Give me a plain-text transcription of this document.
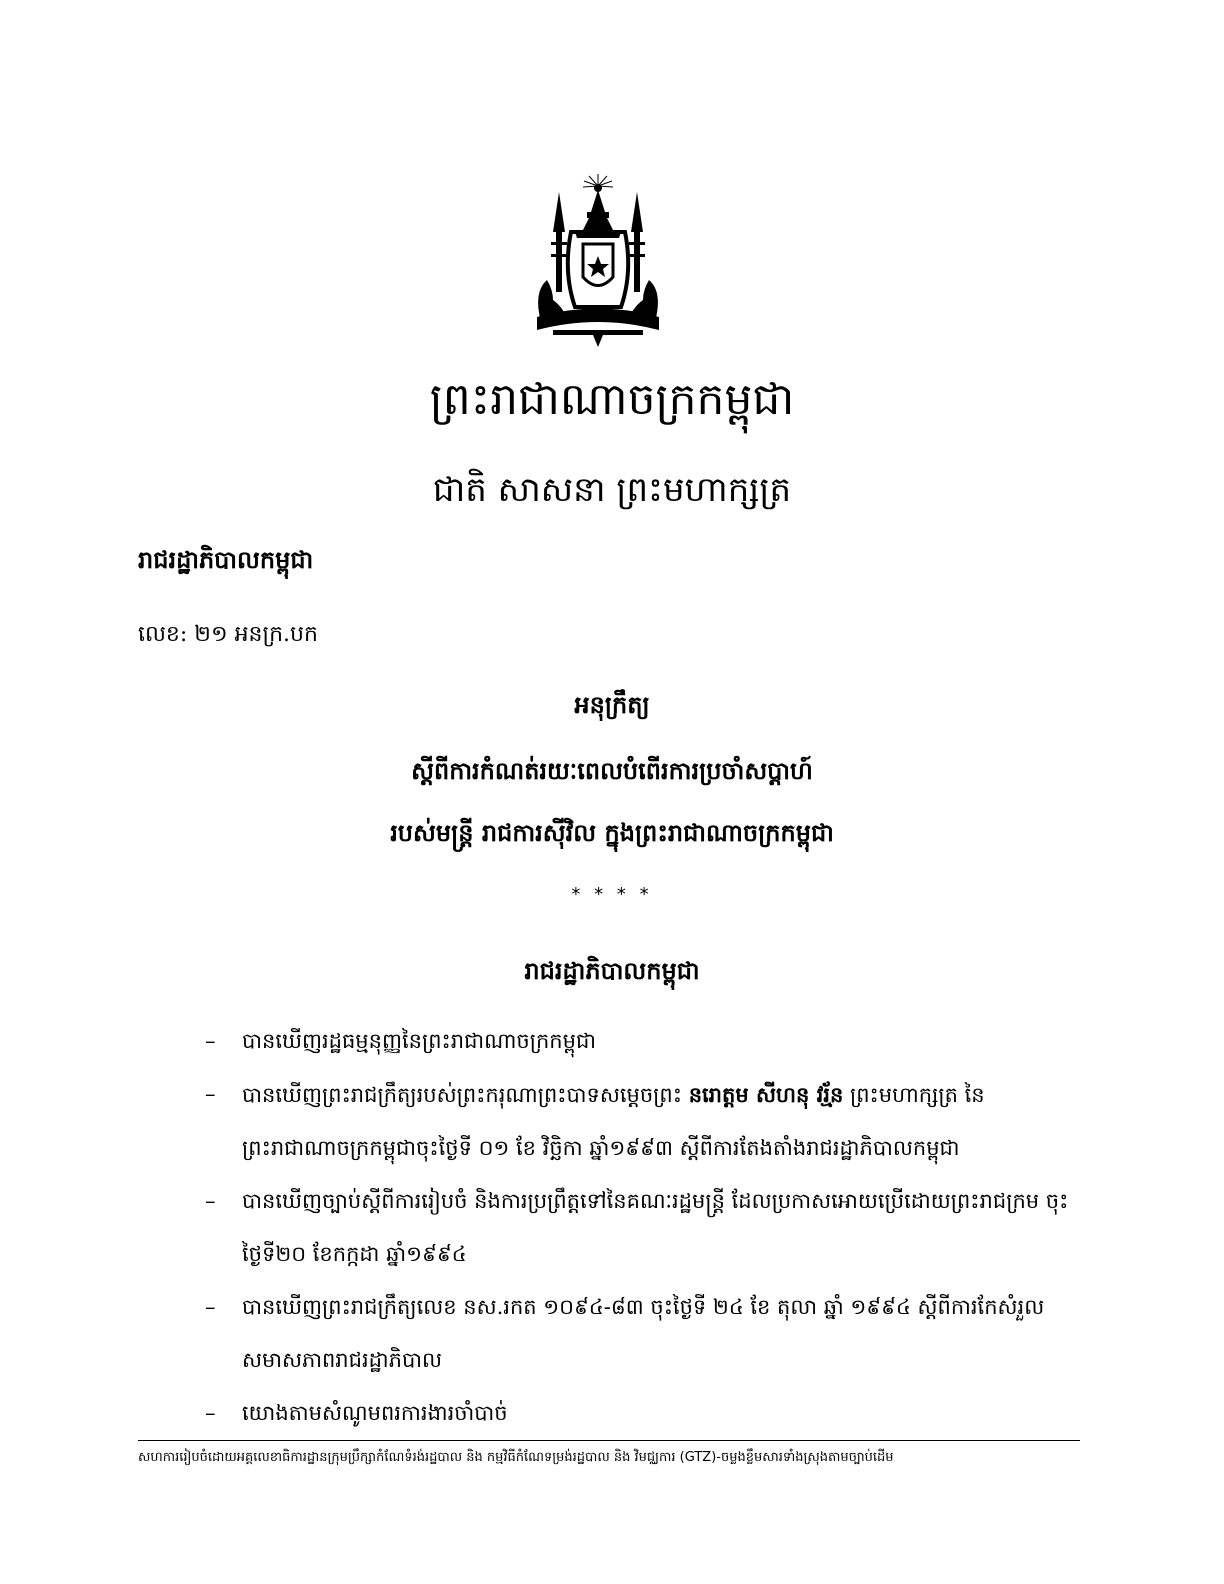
ព្រះរាជាណាចក្រកម្ពុជា
ជាតិ សាសនា ព្រះមហាក្សត្រ
រាជរដ្ឋាភិបាលកម្ពុជា
លេខ: ២១ អនក្រ.បក
អនុក្រឹត្យ
ស្តីពីការកំណត់រយៈពេលបំពើរការប្រចាំសប្តាហ៍
របស់មន្ត្រី រាជការស៊ីវិល ក្នុងព្រះរាជាណាចក្រកម្ពុជា
* * * *
រាជរដ្ឋាភិបាលកម្ពុជា
– បានឃើញរដ្ឋធម្មនុញ្ញនៃព្រះរាជាណាចក្រកម្ពុជា
– បានឃើញព្រះរាជក្រឹត្យរបស់ព្រះករុណាព្រះបាទសម្តេចព្រះ នរោត្តម សីហនុ វរ្ម័ន ព្រះមហាក្សត្រ នៃព្រះរាជាណាចក្រកម្ពុជាចុះថ្ងៃទី ០១ ខែ វិច្ឆិកា ឆ្នាំ១៩៩៣ ស្តីពីការតែងតាំងរាជរដ្ឋាភិបាលកម្ពុជា
– បានឃើញច្បាប់ស្តីពីការរៀបចំ និងការប្រព្រឹត្តទៅនៃគណៈរដ្ឋមន្ត្រី ដែលប្រកាសអោយប្រើដោយព្រះរាជក្រម ចុះថ្ងៃទី២០ ខែកក្កដា ឆ្នាំ១៩៩៤
– បានឃើញព្រះរាជក្រឹត្យលេខ នស.រកត ១០៩៤-៨៣ ចុះថ្ងៃទី ២៤ ខែ តុលា ឆ្នាំ ១៩៩៤ ស្តីពីការកែសំរួលសមាសភាពរាជរដ្ឋាភិបាល
– យោងតាមសំណូមពរការងារចាំបាច់
សហការរៀបចំដោយអគ្គលេខាធិការដ្ឋានក្រុមប្រឹក្សាកំណែទំរង់រដ្ឋបាល និង កម្មវិធីកំណែទម្រង់រដ្ឋបាល និង វិមជ្ឈការ (GTZ)-ចម្លងខ្លឹមសារទាំងស្រុងតាមច្បាប់ដើម
